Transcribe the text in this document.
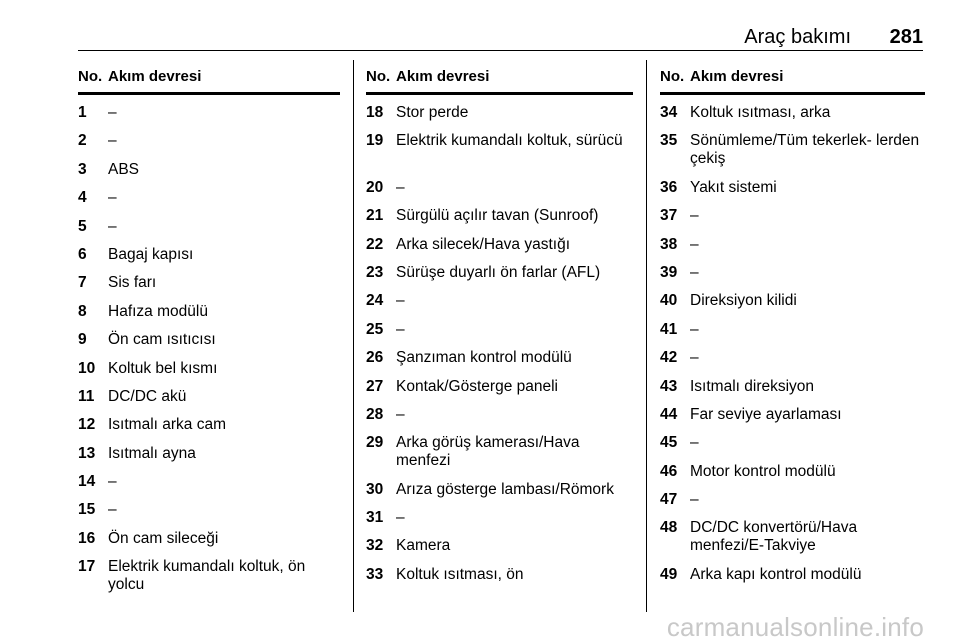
Araç bakımı 281
No. Akım devresi
1 –
2 –
3 ABS
4 –
5 –
6 Bagaj kapısı
7 Sis farı
8 Hafıza modülü
9 Ön cam ısıtıcısı
10 Koltuk bel kısmı
11 DC/DC akü
12 Isıtmalı arka cam
13 Isıtmalı ayna
14 –
15 –
16 Ön cam sileceği
17 Elektrik kumandalı koltuk, ön yolcu
No. Akım devresi
18 Stor perde
19 Elektrik kumandalı koltuk, sürücü
20 –
21 Sürgülü açılır tavan (Sunroof)
22 Arka silecek/Hava yastığı
23 Sürüşe duyarlı ön farlar (AFL)
24 –
25 –
26 Şanzıman kontrol modülü
27 Kontak/Gösterge paneli
28 –
29 Arka görüş kamerası/Hava menfezi
30 Arıza gösterge lambası/Römork
31 –
32 Kamera
33 Koltuk ısıtması, ön
No. Akım devresi
34 Koltuk ısıtması, arka
35 Sönümleme/Tüm tekerlek- lerden çekiş
36 Yakıt sistemi
37 –
38 –
39 –
40 Direksiyon kilidi
41 –
42 –
43 Isıtmalı direksiyon
44 Far seviye ayarlaması
45 –
46 Motor kontrol modülü
47 –
48 DC/DC konvertörü/Hava menfezi/E-Takviye
49 Arka kapı kontrol modülü
carmanualsonline.info
